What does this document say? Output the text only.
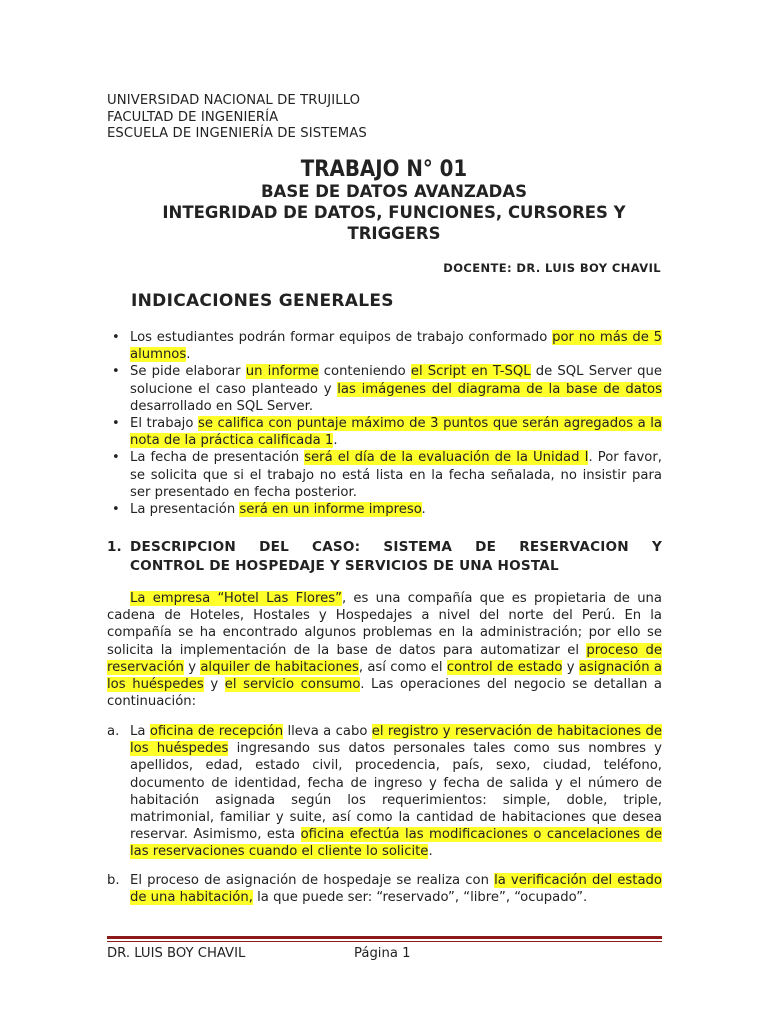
UNIVERSIDAD NACIONAL DE TRUJILLO
FACULTAD DE INGENIERÍA
ESCUELA DE INGENIERÍA DE SISTEMAS
TRABAJO N° 01
BASE DE DATOS AVANZADAS
INTEGRIDAD DE DATOS, FUNCIONES, CURSORES Y
TRIGGERS
DOCENTE: DR. LUIS BOY CHAVIL
INDICACIONES GENERALES
• Los estudiantes podrán formar equipos de trabajo conformado por no más de 5 alumnos.
• Se pide elaborar un informe conteniendo el Script en T-SQL de SQL Server que solucione el caso planteado y las imágenes del diagrama de la base de datos desarrollado en SQL Server.
• El trabajo se califica con puntaje máximo de 3 puntos que serán agregados a la nota de la práctica calificada 1.
• La fecha de presentación será el día de la evaluación de la Unidad I. Por favor, se solicita que si el trabajo no está lista en la fecha señalada, no insistir para ser presentado en fecha posterior.
• La presentación será en un informe impreso.
1. DESCRIPCION DEL CASO: SISTEMA DE RESERVACION Y
CONTROL DE HOSPEDAJE Y SERVICIOS DE UNA HOSTAL
La empresa “Hotel Las Flores”, es una compañía que es propietaria de una cadena de Hoteles, Hostales y Hospedajes a nivel del norte del Perú. En la compañía se ha encontrado algunos problemas en la administración; por ello se solicita la implementación de la base de datos para automatizar el proceso de reservación y alquiler de habitaciones, así como el control de estado y asignación a los huéspedes y el servicio consumo. Las operaciones del negocio se detallan a continuación:
a. La oficina de recepción lleva a cabo el registro y reservación de habitaciones de los huéspedes ingresando sus datos personales tales como sus nombres y apellidos, edad, estado civil, procedencia, país, sexo, ciudad, teléfono, documento de identidad, fecha de ingreso y fecha de salida y el número de habitación asignada según los requerimientos: simple, doble, triple, matrimonial, familiar y suite, así como la cantidad de habitaciones que desea reservar. Asimismo, esta oficina efectúa las modificaciones o cancelaciones de las reservaciones cuando el cliente lo solicite.
b. El proceso de asignación de hospedaje se realiza con la verificación del estado de una habitación, la que puede ser: “reservado”, “libre”, “ocupado”.
DR. LUIS BOY CHAVIL	Página 1
